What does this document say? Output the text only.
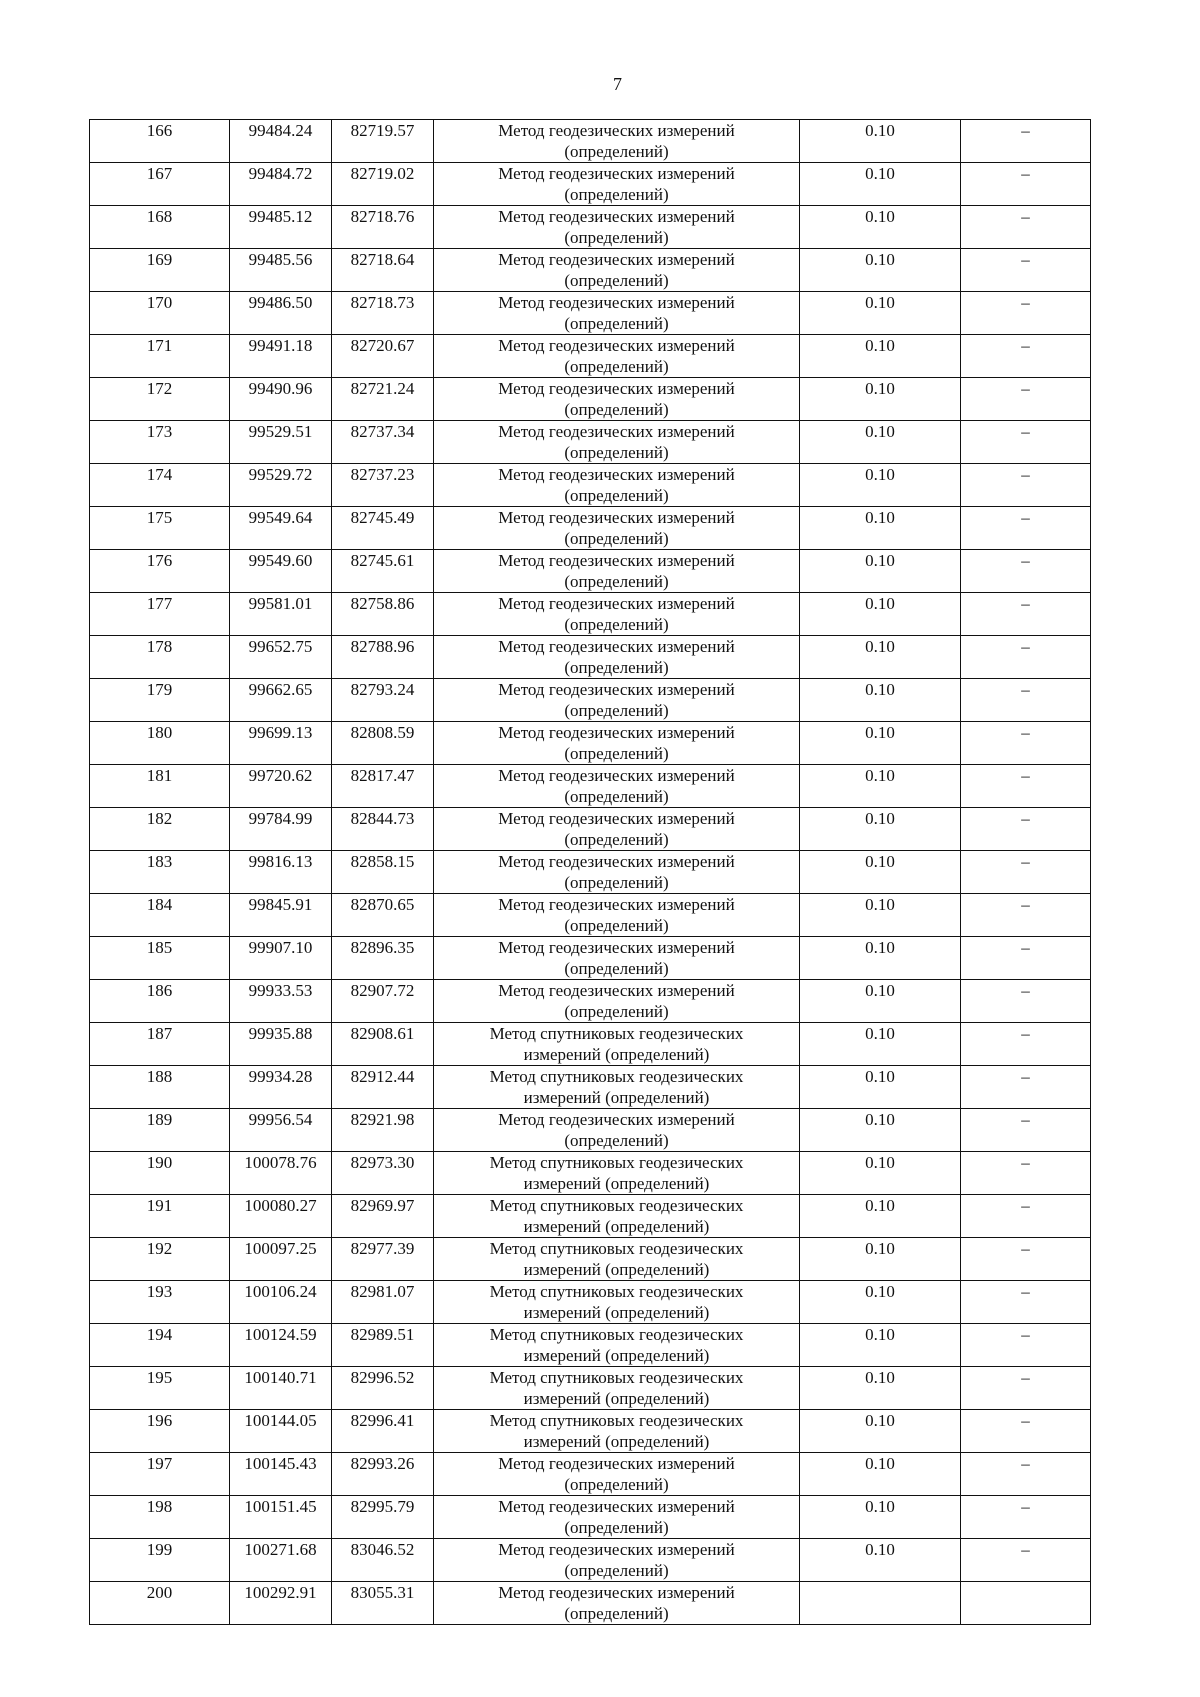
7
166	99484.24	82719.57	Метод геодезических измерений
(определений)	0.10	–
167	99484.72	82719.02	Метод геодезических измерений
(определений)	0.10	–
168	99485.12	82718.76	Метод геодезических измерений
(определений)	0.10	–
169	99485.56	82718.64	Метод геодезических измерений
(определений)	0.10	–
170	99486.50	82718.73	Метод геодезических измерений
(определений)	0.10	–
171	99491.18	82720.67	Метод геодезических измерений
(определений)	0.10	–
172	99490.96	82721.24	Метод геодезических измерений
(определений)	0.10	–
173	99529.51	82737.34	Метод геодезических измерений
(определений)	0.10	–
174	99529.72	82737.23	Метод геодезических измерений
(определений)	0.10	–
175	99549.64	82745.49	Метод геодезических измерений
(определений)	0.10	–
176	99549.60	82745.61	Метод геодезических измерений
(определений)	0.10	–
177	99581.01	82758.86	Метод геодезических измерений
(определений)	0.10	–
178	99652.75	82788.96	Метод геодезических измерений
(определений)	0.10	–
179	99662.65	82793.24	Метод геодезических измерений
(определений)	0.10	–
180	99699.13	82808.59	Метод геодезических измерений
(определений)	0.10	–
181	99720.62	82817.47	Метод геодезических измерений
(определений)	0.10	–
182	99784.99	82844.73	Метод геодезических измерений
(определений)	0.10	–
183	99816.13	82858.15	Метод геодезических измерений
(определений)	0.10	–
184	99845.91	82870.65	Метод геодезических измерений
(определений)	0.10	–
185	99907.10	82896.35	Метод геодезических измерений
(определений)	0.10	–
186	99933.53	82907.72	Метод геодезических измерений
(определений)	0.10	–
187	99935.88	82908.61	Метод спутниковых геодезических
измерений (определений)	0.10	–
188	99934.28	82912.44	Метод спутниковых геодезических
измерений (определений)	0.10	–
189	99956.54	82921.98	Метод геодезических измерений
(определений)	0.10	–
190	100078.76	82973.30	Метод спутниковых геодезических
измерений (определений)	0.10	–
191	100080.27	82969.97	Метод спутниковых геодезических
измерений (определений)	0.10	–
192	100097.25	82977.39	Метод спутниковых геодезических
измерений (определений)	0.10	–
193	100106.24	82981.07	Метод спутниковых геодезических
измерений (определений)	0.10	–
194	100124.59	82989.51	Метод спутниковых геодезических
измерений (определений)	0.10	–
195	100140.71	82996.52	Метод спутниковых геодезических
измерений (определений)	0.10	–
196	100144.05	82996.41	Метод спутниковых геодезических
измерений (определений)	0.10	–
197	100145.43	82993.26	Метод геодезических измерений
(определений)	0.10	–
198	100151.45	82995.79	Метод геодезических измерений
(определений)	0.10	–
199	100271.68	83046.52	Метод геодезических измерений
(определений)	0.10	–
200	100292.91	83055.31	Метод геодезических измерений
(определений)		
